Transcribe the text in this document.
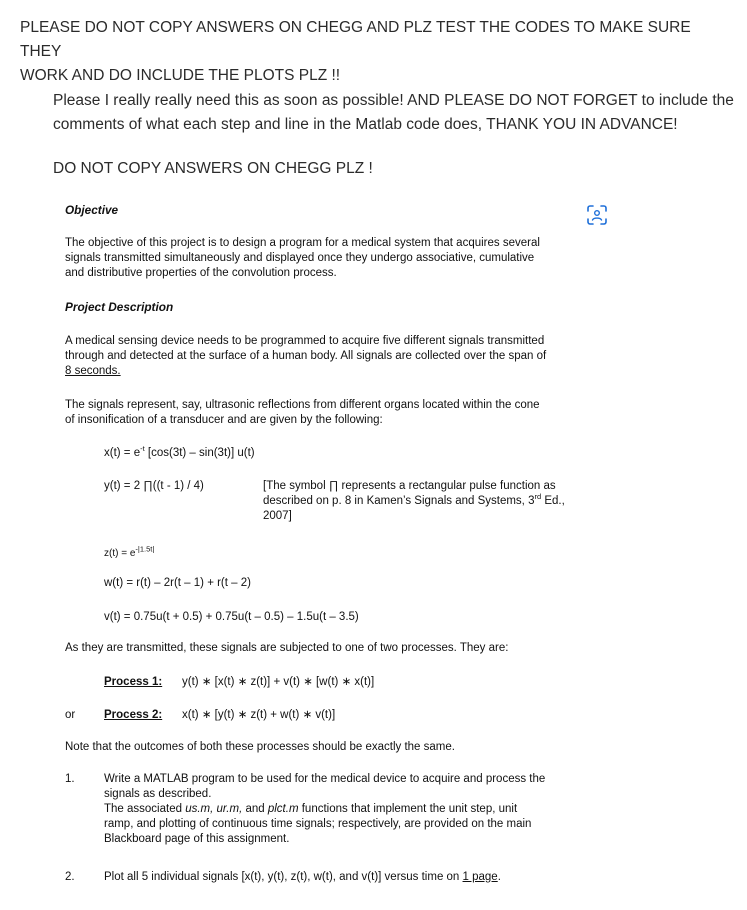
PLEASE DO NOT COPY ANSWERS ON CHEGG AND PLZ TEST THE CODES TO MAKE SURE THEY
WORK AND DO INCLUDE THE PLOTS PLZ !!
Please I really really need this as soon as possible! AND PLEASE DO NOT FORGET to include the
comments of what each step and line in the Matlab code does, THANK YOU IN ADVANCE!
DO NOT COPY ANSWERS ON CHEGG PLZ !
Objective
The objective of this project is to design a program for a medical system that acquires several
signals transmitted simultaneously and displayed once they undergo associative, cumulative
and distributive properties of the convolution process.
Project Description
A medical sensing device needs to be programmed to acquire five different signals transmitted
through and detected at the surface of a human body. All signals are collected over the span of
8 seconds.
The signals represent, say, ultrasonic reflections from different organs located within the cone
of insonification of a transducer and are given by the following:
$x(t) = e^{-t}$ [cos(3t) – sin(3t)] u(t)
y(t) = 2 ∏((t - 1) / 4)	[The symbol ∏ represents a rectangular pulse function as
described on p. 8 in Kamen’s Signals and Systems, 3rd Ed.,
2007]
$z(t) = e^{-|1.5t|}$
w(t) = r(t) – 2r(t – 1) + r(t – 2)
v(t) = 0.75u(t + 0.5) + 0.75u(t – 0.5) – 1.5u(t – 3.5)
As they are transmitted, these signals are subjected to one of two processes. They are:
Process 1: y(t) ∗ [x(t) ∗ z(t)] + v(t) ∗ [w(t) ∗ x(t)]
or	Process 2: x(t) ∗ [y(t) ∗ z(t) + w(t) ∗ v(t)]
Note that the outcomes of both these processes should be exactly the same.
1.	Write a MATLAB program to be used for the medical device to acquire and process the
signals as described.
The associated us.m, ur.m, and plct.m functions that implement the unit step, unit
ramp, and plotting of continuous time signals; respectively, are provided on the main
Blackboard page of this assignment.
2.	Plot all 5 individual signals [x(t), y(t), z(t), w(t), and v(t)] versus time on 1 page.
